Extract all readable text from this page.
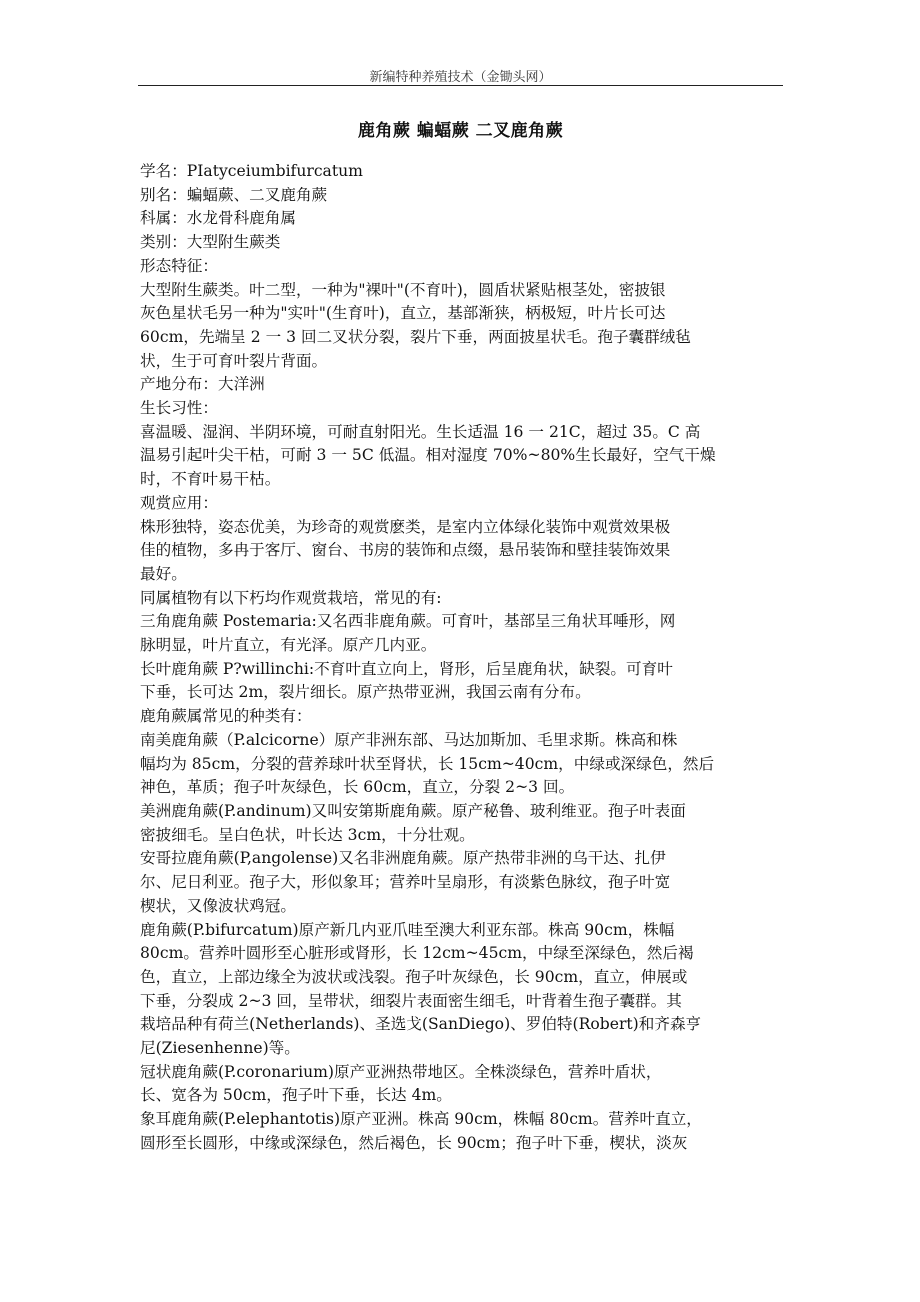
新编特种养殖技术（金锄头网）
鹿角蕨 蝙蝠蕨 二叉鹿角蕨

学名：PIatyceiumbifurcatum

别名：蝙蝠蕨、二叉鹿角蕨

科属：水龙骨科鹿角属

类别：大型附生蕨类

形态特征：

大型附生蕨类。叶二型，一种为"裸叶"(不育叶)，圆盾状紧贴根茎处，密披银

灰色星状毛另一种为"实叶"(生育叶)，直立，基部渐狭，柄极短，叶片长可达

60cm，先端呈 2 一 3 回二叉状分裂，裂片下垂，两面披星状毛。孢子囊群绒毡

状，生于可育叶裂片背面。

产地分布：大洋洲

生长习性：

喜温暖、湿润、半阴环境，可耐直射阳光。生长适温 16 一 21C，超过 35。C 高

温易引起叶尖干枯，可耐 3 一 5C 低温。相对湿度 70%~80%生长最好，空气干燥

时，不育叶易干枯。

观赏应用：

株形独特，姿态优美，为珍奇的观赏麽类，是室内立体绿化装饰中观赏效果极

佳的植物，多冉于客厅、窗台、书房的装饰和点缀，悬吊装饰和壁挂装饰效果

最好。

同属植物有以下朽均作观赏栽培，常见的有:

三角鹿角蕨 Postemaria:又名西非鹿角蕨。可育叶，基部呈三角状耳唾形，网

脉明显，叶片直立，有光泽。原产几内亚。

长叶鹿角蕨 P?willinchi:不育叶直立向上，肾形，后呈鹿角状，缺裂。可育叶

下垂，长可达 2m，裂片细长。原产热带亚洲，我国云南有分布。

鹿角蕨属常见的种类有：

南美鹿角蕨（P.alcicorne）原产非洲东部、马达加斯加、毛里求斯。株高和株

幅均为 85cm，分裂的营养球叶状至肾状，长 15cm~40cm，中绿或深绿色，然后

神色，革质；孢子叶灰绿色，长 60cm，直立，分裂 2~3 回。

美洲鹿角蕨(P.andinum)又叫安第斯鹿角蕨。原产秘鲁、玻利维亚。孢子叶表面

密披细毛。呈白色状，叶长达 3cm，十分壮观。

安哥拉鹿角蕨(P,angolense)又名非洲鹿角蕨。原产热带非洲的乌干达、扎伊

尔、尼日利亚。孢子大，形似象耳；营养叶呈扇形，有淡紫色脉纹，孢子叶宽

楔状，又像波状鸡冠。

鹿角蕨(P.bifurcatum)原产新几内亚爪哇至澳大利亚东部。株高 90cm，株幅

80cm。营养叶圆形至心脏形或肾形，长 12cm~45cm，中绿至深绿色，然后褐

色，直立，上部边缘全为波状或浅裂。孢子叶灰绿色，长 90cm，直立，伸展或

下垂，分裂成 2~3 回，呈带状，细裂片表面密生细毛，叶背着生孢子囊群。其

栽培品种有荷兰(Netherlands)、圣选戈(SanDiego)、罗伯特(Robert)和齐森亨

尼(Ziesenhenne)等。

冠状鹿角蕨(P.coronarium)原产亚洲热带地区。全株淡绿色，营养叶盾状，

长、宽各为 50cm，孢子叶下垂，长达 4m。

象耳鹿角蕨(P.elephantotis)原产亚洲。株高 90cm，株幅 80cm。营养叶直立，

圆形至长圆形，中缘或深绿色，然后褐色，长 90cm；孢子叶下垂，楔状，淡灰
